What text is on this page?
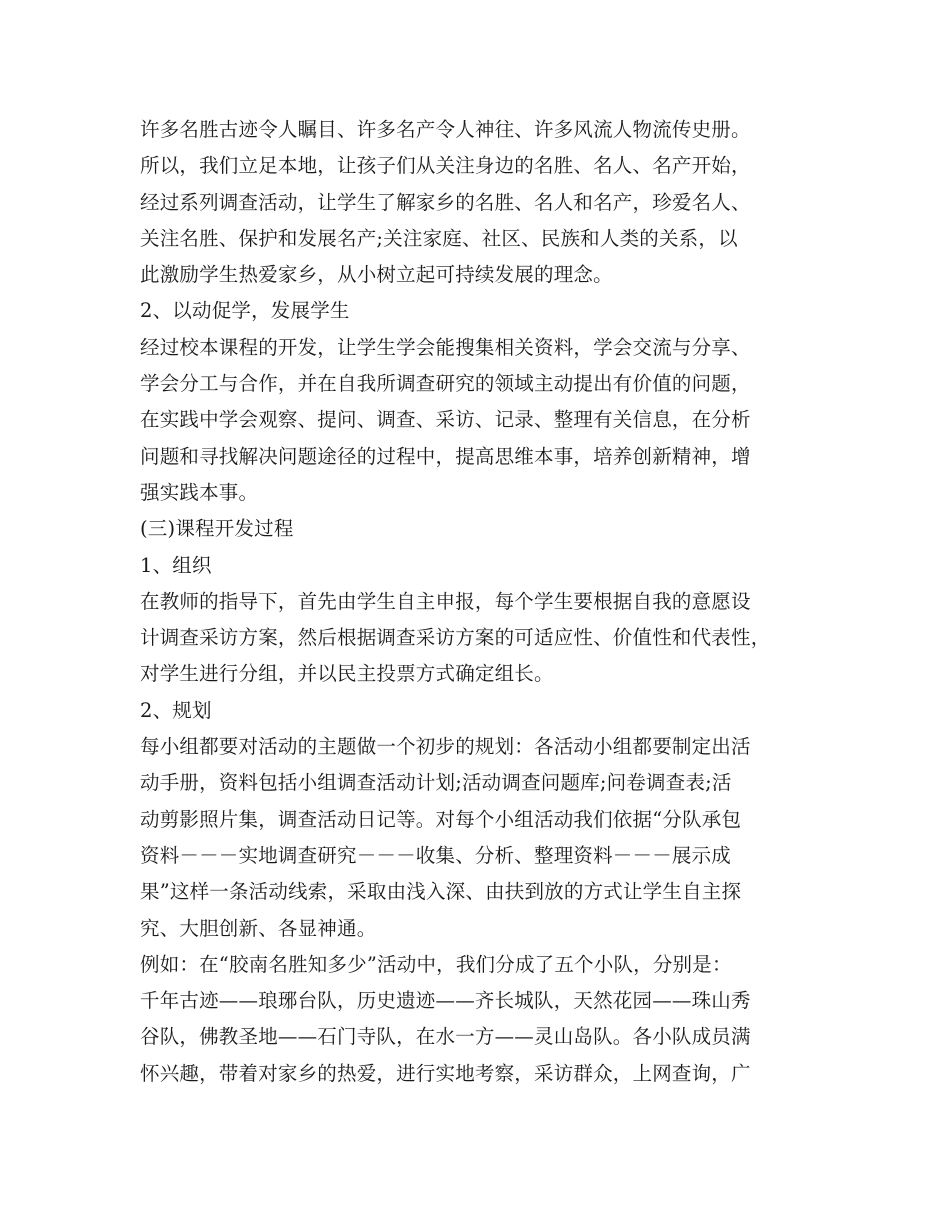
许多名胜古迹令人瞩目、许多名产令人神往、许多风流人物流传史册。
所以，我们立足本地，让孩子们从关注身边的名胜、名人、名产开始，
经过系列调查活动，让学生了解家乡的名胜、名人和名产，珍爱名人、
关注名胜、保护和发展名产;关注家庭、社区、民族和人类的关系，以
此激励学生热爱家乡，从小树立起可持续发展的理念。
2、以动促学，发展学生
经过校本课程的开发，让学生学会能搜集相关资料，学会交流与分享、
学会分工与合作，并在自我所调查研究的领域主动提出有价值的问题，
在实践中学会观察、提问、调查、采访、记录、整理有关信息，在分析
问题和寻找解决问题途径的过程中，提高思维本事，培养创新精神，增
强实践本事。
(三)课程开发过程
1、组织
在教师的指导下，首先由学生自主申报，每个学生要根据自我的意愿设
计调查采访方案，然后根据调查采访方案的可适应性、价值性和代表性，
对学生进行分组，并以民主投票方式确定组长。
2、规划
每小组都要对活动的主题做一个初步的规划：各活动小组都要制定出活
动手册，资料包括小组调查活动计划;活动调查问题库;问卷调查表;活
动剪影照片集，调查活动日记等。对每个小组活动我们依据“分队承包
资料－－－实地调查研究－－－收集、分析、整理资料－－－展示成
果”这样一条活动线索，采取由浅入深、由扶到放的方式让学生自主探
究、大胆创新、各显神通。
例如：在“胶南名胜知多少”活动中，我们分成了五个小队，分别是：
千年古迹——琅琊台队，历史遗迹——齐长城队，天然花园——珠山秀
谷队，佛教圣地——石门寺队，在水一方——灵山岛队。各小队成员满
怀兴趣，带着对家乡的热爱，进行实地考察，采访群众，上网查询，广
